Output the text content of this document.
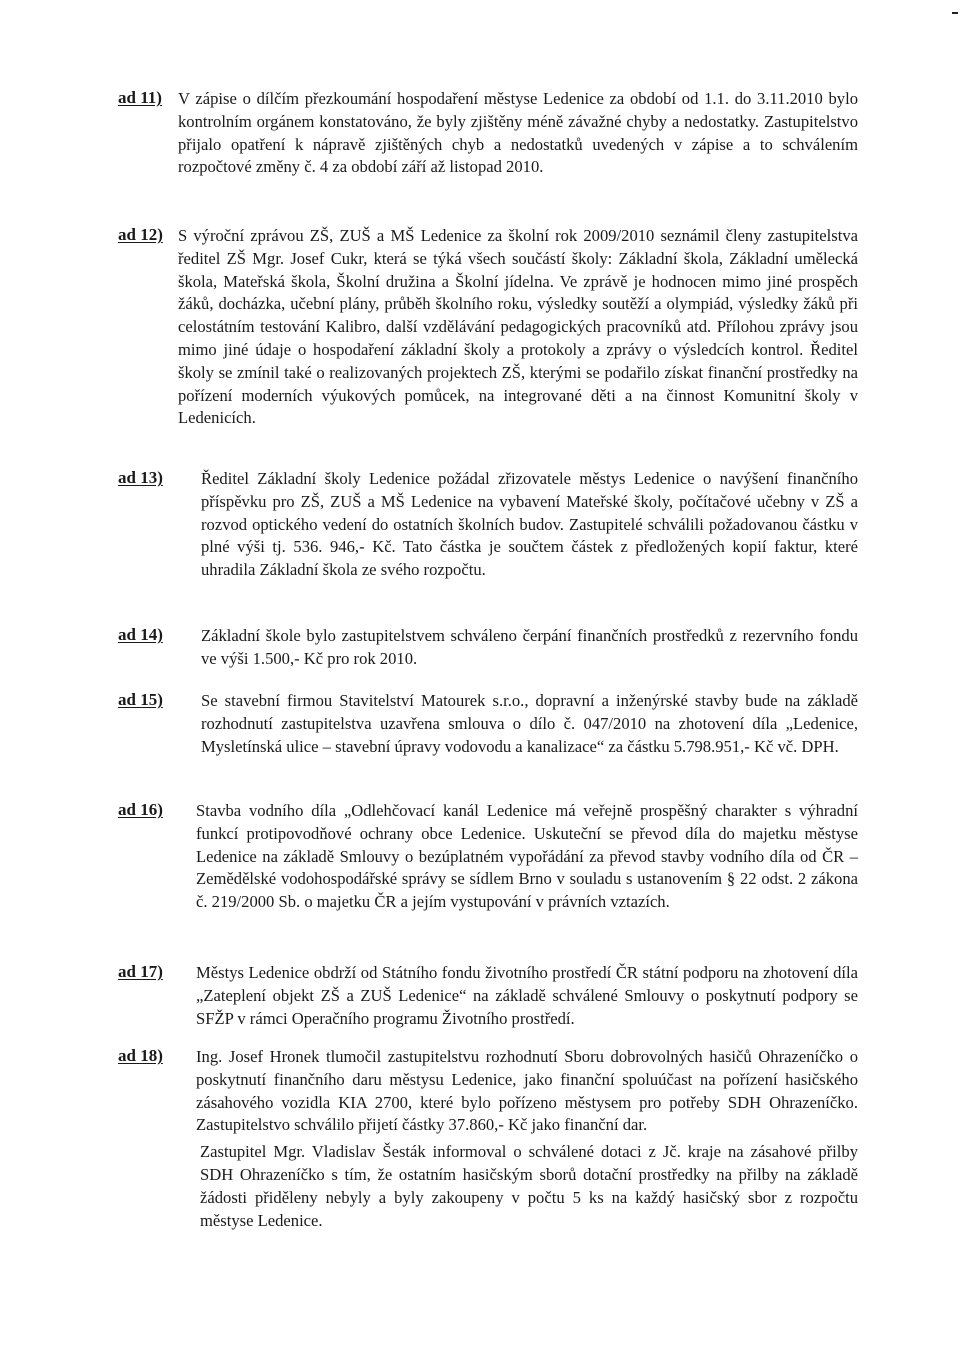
ad 11) V zápise o dílčím přezkoumání hospodaření městyse Ledenice za období od 1.1. do 3.11.2010 bylo kontrolním orgánem konstatováno, že byly zjištěny méně závažné chyby a nedostatky. Zastupitelstvo přijalo opatření k nápravě zjištěných chyb a nedostatků uvedených v zápise a to schválením rozpočtové změny č. 4 za období září až listopad 2010.
ad 12) S výroční zprávou ZŠ, ZUŠ a MŠ Ledenice za školní rok 2009/2010 seznámil členy zastupitelstva ředitel ZŠ Mgr. Josef Cukr, která se týká všech součástí školy: Základní škola, Základní umělecká škola, Mateřská škola, Školní družina a Školní jídelna. Ve zprávě je hodnocen mimo jiné prospěch žáků, docházka, učební plány, průběh školního roku, výsledky soutěží a olympiád, výsledky žáků při celostátním testování Kalibro, další vzdělávání pedagogických pracovníků atd. Přílohou zprávy jsou mimo jiné údaje o hospodaření základní školy a protokoly a zprávy o výsledcích kontrol. Ředitel školy se zmínil také o realizovaných projektech ZŠ, kterými se podařilo získat finanční prostředky na pořízení moderních výukových pomůcek, na integrované děti a na činnost Komunitní školy v Ledenicích.
ad 13) Ředitel Základní školy Ledenice požádal zřizovatele městys Ledenice o navýšení finančního příspěvku pro ZŠ, ZUŠ a MŠ Ledenice na vybavení Mateřské školy, počítačové učebny v ZŠ a rozvod optického vedení do ostatních školních budov. Zastupitelé schválili požadovanou částku v plné výši tj. 536. 946,- Kč. Tato částka je součtem částek z předložených kopií faktur, které uhradila Základní škola ze svého rozpočtu.
ad 14) Základní škole bylo zastupitelstvem schváleno čerpání finančních prostředků z rezervního fondu ve výši 1.500,- Kč pro rok 2010.
ad 15) Se stavební firmou Stavitelství Matourek s.r.o., dopravní a inženýrské stavby bude na základě rozhodnutí zastupitelstva uzavřena smlouva o dílo č. 047/2010 na zhotovení díla „Ledenice, Mysletínská ulice – stavební úpravy vodovodu a kanalizace“ za částku 5.798.951,- Kč vč. DPH.
ad 16) Stavba vodního díla „Odlehčovací kanál Ledenice má veřejně prospěšný charakter s výhradní funkcí protipovodňové ochrany obce Ledenice. Uskuteční se převod díla do majetku městyse Ledenice na základě Smlouvy o bezúplatném vypořádání za převod stavby vodního díla od ČR – Zemědělské vodohospodářské správy se sídlem Brno v souladu s ustanovením § 22 odst. 2 zákona č. 219/2000 Sb. o majetku ČR a jejím vystupování v právních vztazích.
ad 17) Městys Ledenice obdrží od Státního fondu životního prostředí ČR státní podporu na zhotovení díla „Zateplení objekt ZŠ a ZUŠ Ledenice“ na základě schválené Smlouvy o poskytnutí podpory se SFŽP v rámci Operačního programu Životního prostředí.
ad 18) Ing. Josef Hronek tlumočil zastupitelstvu rozhodnutí Sboru dobrovolných hasičů Ohrazeníčko o poskytnutí finančního daru městysu Ledenice, jako finanční spoluúčast na pořízení hasičského zásahového vozidla KIA 2700, které bylo pořízeno městysem pro potřeby SDH Ohrazeníčko. Zastupitelstvo schválilo přijetí částky 37.860,- Kč jako finanční dar.
Zastupitel Mgr. Vladislav Šesták informoval o schválené dotaci z Jč. kraje na zásahové přilby SDH Ohrazeníčko s tím, že ostatním hasičským sborů dotační prostředky na přilby na základě žádosti přiděleny nebyly a byly zakoupeny v počtu 5 ks na každý hasičský sbor z rozpočtu městyse Ledenice.
